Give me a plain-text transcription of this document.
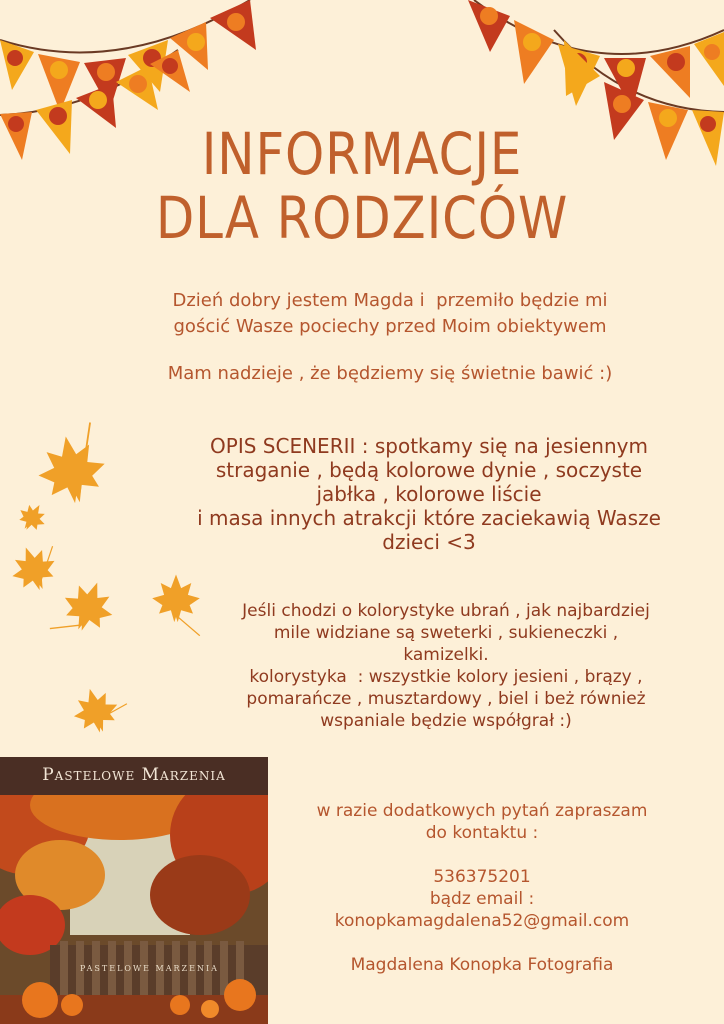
INFORMACJE
DLA RODZICÓW
Dzień dobry jestem Magda i  przemiło będzie mi
gościć Wasze pociechy przed Moim obiektywem
Mam nadzieje , że będziemy się świetnie bawić :)
OPIS SCENERII : spotkamy się na jesiennym
straganie , będą kolorowe dynie , soczyste
jabłka , kolorowe liście
i masa innych atrakcji które zaciekawią Wasze
dzieci <3
Jeśli chodzi o kolorystyke ubrań , jak najbardziej
mile widziane są sweterki , sukieneczki ,
kamizelki.
kolorystyka  : wszystkie kolory jesieni , brązy ,
pomarańcze , musztardowy , biel i beż również
wspaniale będzie współgrał :)
Pastelowe Marzenia
PASTELOWE MARZENIA
w razie dodatkowych pytań zapraszam
do kontaktu :

536375201
bądz email :
konopkamagdalena52@gmail.com

Magdalena Konopka Fotografia
